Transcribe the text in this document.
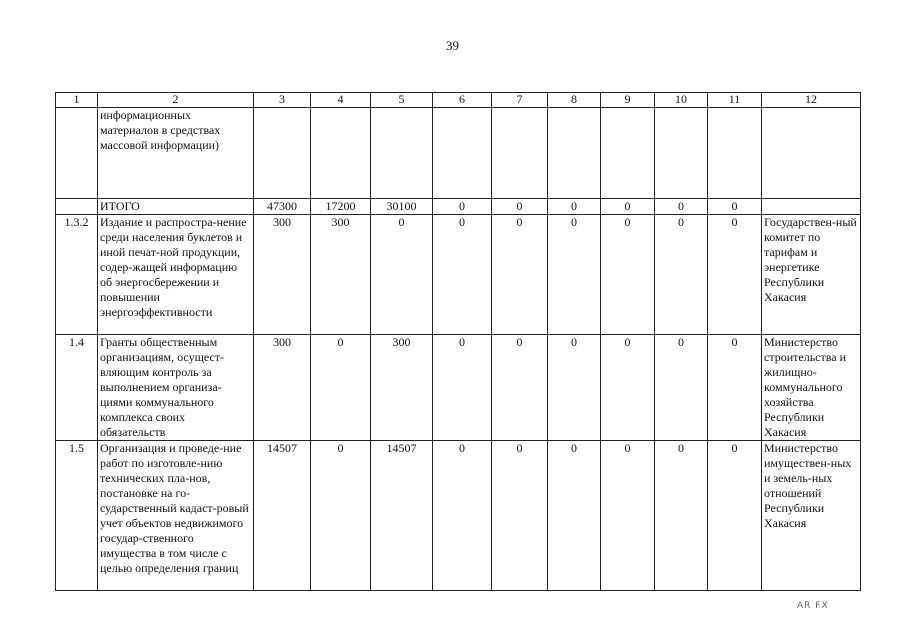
39
1	2	3	4	5	6	7	8	9	10	11	12
	информационных материалов в средствах массовой информации)										
	ИТОГО	47300	17200	30100	0	0	0	0	0	0	
1.3.2	Издание и распростра-нение среди населения буклетов и иной печат-ной продукции, содер-жащей информацию об энергосбережении и повышении энергоэффективности	300	300	0	0	0	0	0	0	0	Государствен-ный комитет по тарифам и энергетике Республики Хакасия
1.4	Гранты общественным организациям, осущест-вляющим контроль за выполнением организа-циями коммунального комплекса своих обязательств	300	0	300	0	0	0	0	0	0	Министерство строительства и жилищно-коммунального хозяйства Республики Хакасия
1.5	Организация и проведе-ние работ по изготовле-нию технических пла-нов, постановке на го-сударственный кадаст-ровый учет объектов недвижимого государ-ственного имущества в том числе с целью определения границ	14507	0	14507	0	0	0	0	0	0	Министерство имуществен-ных и земель-ных отношений Республики Хакасия
AR FX
